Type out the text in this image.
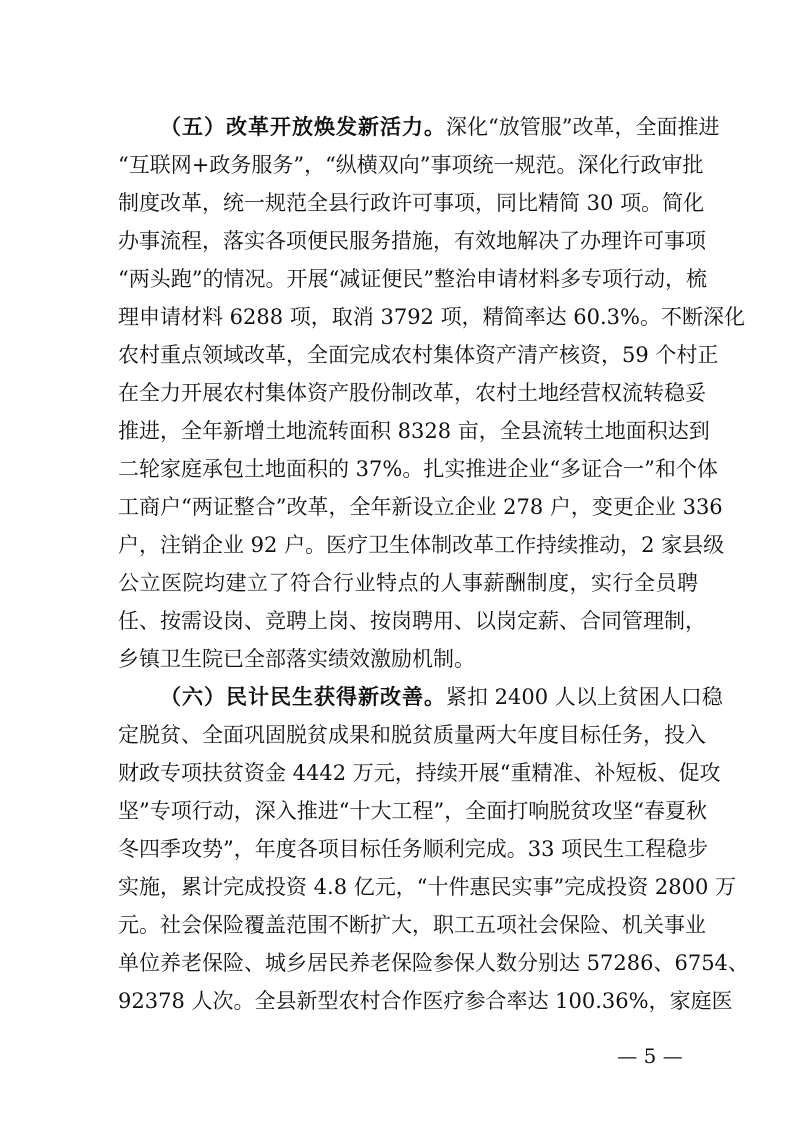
（五）改革开放焕发新活力。深化“放管服”改革，全面推进
“互联网+政务服务”，“纵横双向”事项统一规范。深化行政审批
制度改革，统一规范全县行政许可事项，同比精简 30 项。简化
办事流程，落实各项便民服务措施，有效地解决了办理许可事项
“两头跑”的情况。开展“减证便民”整治申请材料多专项行动，梳
理申请材料 6288 项，取消 3792 项，精简率达 60.3%。不断深化
农村重点领域改革，全面完成农村集体资产清产核资，59 个村正
在全力开展农村集体资产股份制改革，农村土地经营权流转稳妥
推进，全年新增土地流转面积 8328 亩，全县流转土地面积达到
二轮家庭承包土地面积的 37%。扎实推进企业“多证合一”和个体
工商户“两证整合”改革，全年新设立企业 278 户，变更企业 336
户，注销企业 92 户。医疗卫生体制改革工作持续推动，2 家县级
公立医院均建立了符合行业特点的人事薪酬制度，实行全员聘
任、按需设岗、竞聘上岗、按岗聘用、以岗定薪、合同管理制，
乡镇卫生院已全部落实绩效激励机制。
（六）民计民生获得新改善。紧扣 2400 人以上贫困人口稳
定脱贫、全面巩固脱贫成果和脱贫质量两大年度目标任务，投入
财政专项扶贫资金 4442 万元，持续开展“重精准、补短板、促攻
坚”专项行动，深入推进“十大工程”，全面打响脱贫攻坚“春夏秋
冬四季攻势”，年度各项目标任务顺利完成。33 项民生工程稳步
实施，累计完成投资 4.8 亿元，“十件惠民实事”完成投资 2800 万
元。社会保险覆盖范围不断扩大，职工五项社会保险、机关事业
单位养老保险、城乡居民养老保险参保人数分别达 57286、6754、
92378 人次。全县新型农村合作医疗参合率达 100.36%，家庭医
— 5 —
